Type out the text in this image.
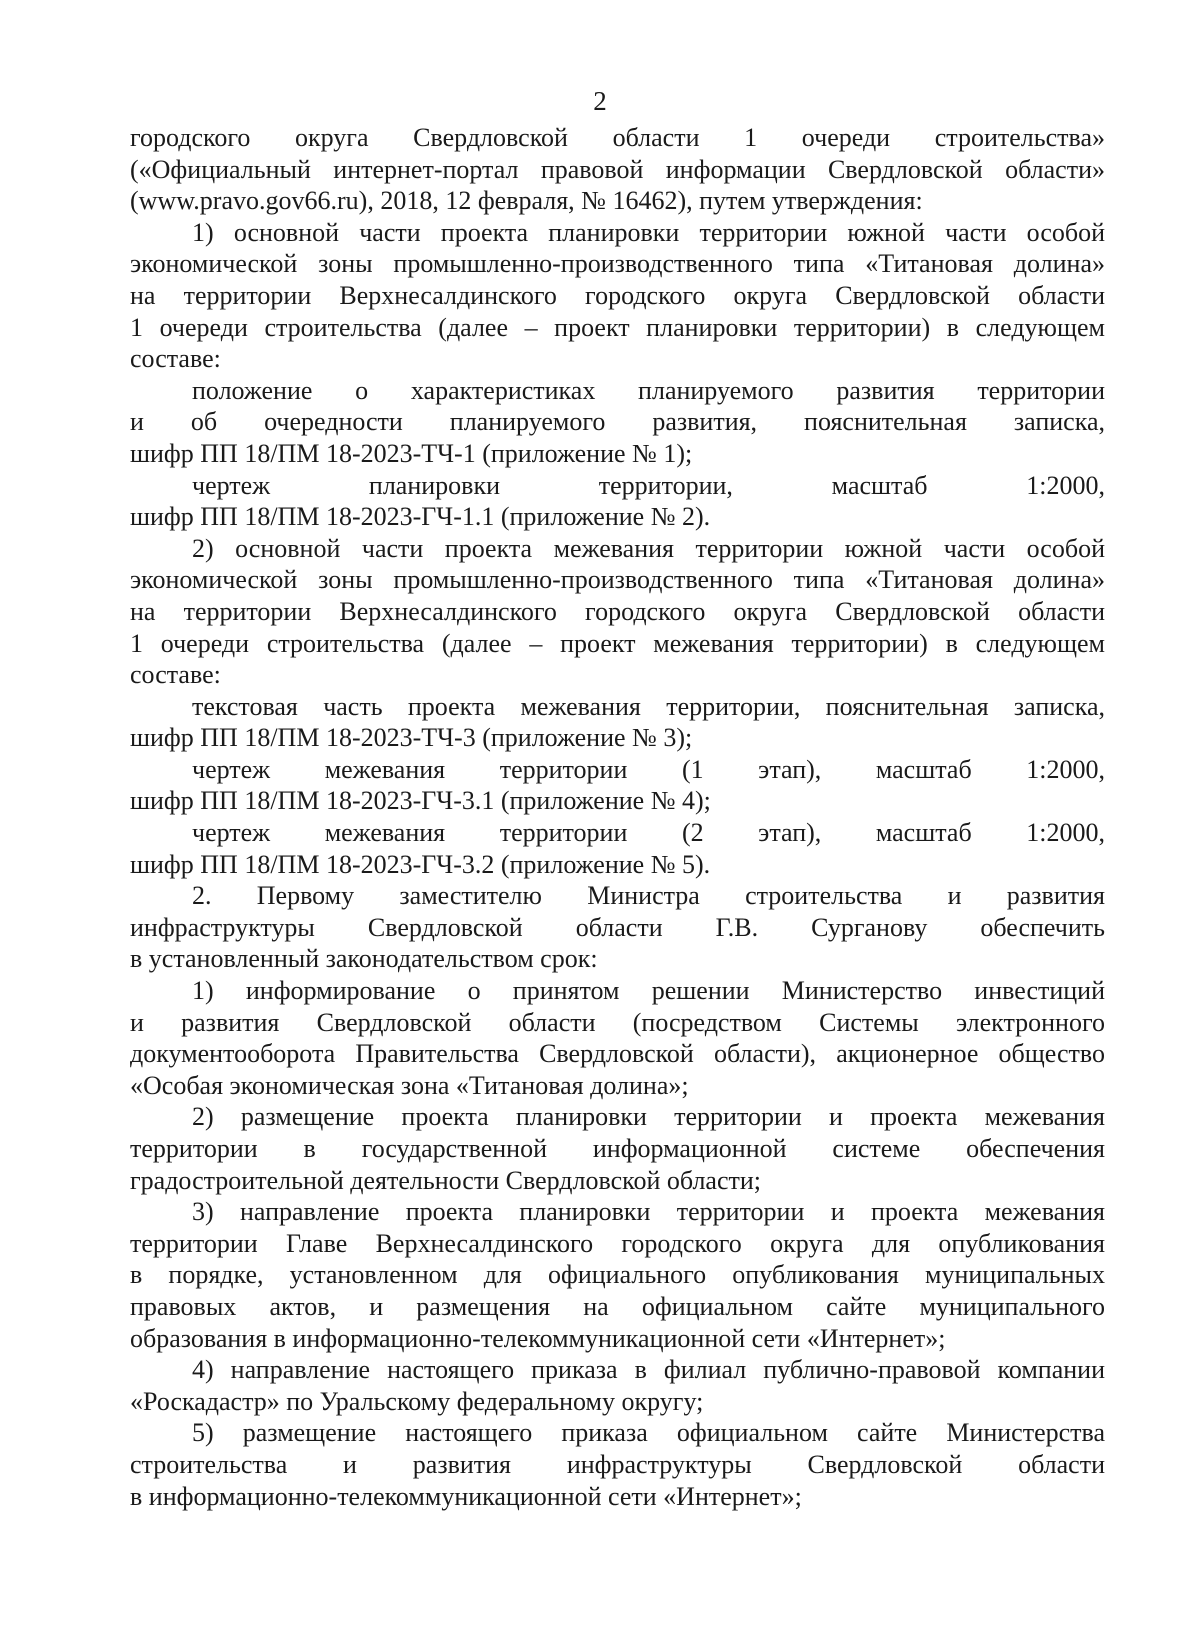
2
городского округа Свердловской области 1 очереди строительства»
(«Официальный интернет-портал правовой информации Свердловской области»
(www.pravo.gov66.ru), 2018, 12 февраля, № 16462), путем утверждения:
1) основной части проекта планировки территории южной части особой
экономической зоны промышленно-производственного типа «Титановая долина»
на территории Верхнесалдинского городского округа Свердловской области
1 очереди строительства (далее – проект планировки территории) в следующем
составе:
положение о характеристиках планируемого развития территории
и об очередности планируемого развития, пояснительная записка,
шифр ПП 18/ПМ 18-2023-ТЧ-1 (приложение № 1);
чертеж планировки территории, масштаб 1:2000,
шифр ПП 18/ПМ 18-2023-ГЧ-1.1 (приложение № 2).
2) основной части проекта межевания территории южной части особой
экономической зоны промышленно-производственного типа «Титановая долина»
на территории Верхнесалдинского городского округа Свердловской области
1 очереди строительства (далее – проект межевания территории) в следующем
составе:
текстовая часть проекта межевания территории, пояснительная записка,
шифр ПП 18/ПМ 18-2023-ТЧ-3 (приложение № 3);
чертеж межевания территории (1 этап), масштаб 1:2000,
шифр ПП 18/ПМ 18-2023-ГЧ-3.1 (приложение № 4);
чертеж межевания территории (2 этап), масштаб 1:2000,
шифр ПП 18/ПМ 18-2023-ГЧ-3.2 (приложение № 5).
2. Первому заместителю Министра строительства и развития
инфраструктуры Свердловской области Г.В. Сурганову обеспечить
в установленный законодательством срок:
1) информирование о принятом решении Министерство инвестиций
и развития Свердловской области (посредством Системы электронного
документооборота Правительства Свердловской области), акционерное общество
«Особая экономическая зона «Титановая долина»;
2) размещение проекта планировки территории и проекта межевания
территории в государственной информационной системе обеспечения
градостроительной деятельности Свердловской области;
3) направление проекта планировки территории и проекта межевания
территории Главе Верхнесалдинского городского округа для опубликования
в порядке, установленном для официального опубликования муниципальных
правовых актов, и размещения на официальном сайте муниципального
образования в информационно-телекоммуникационной сети «Интернет»;
4) направление настоящего приказа в филиал публично-правовой компании
«Роскадастр» по Уральскому федеральному округу;
5) размещение настоящего приказа официальном сайте Министерства
строительства и развития инфраструктуры Свердловской области
в информационно-телекоммуникационной сети «Интернет»;
